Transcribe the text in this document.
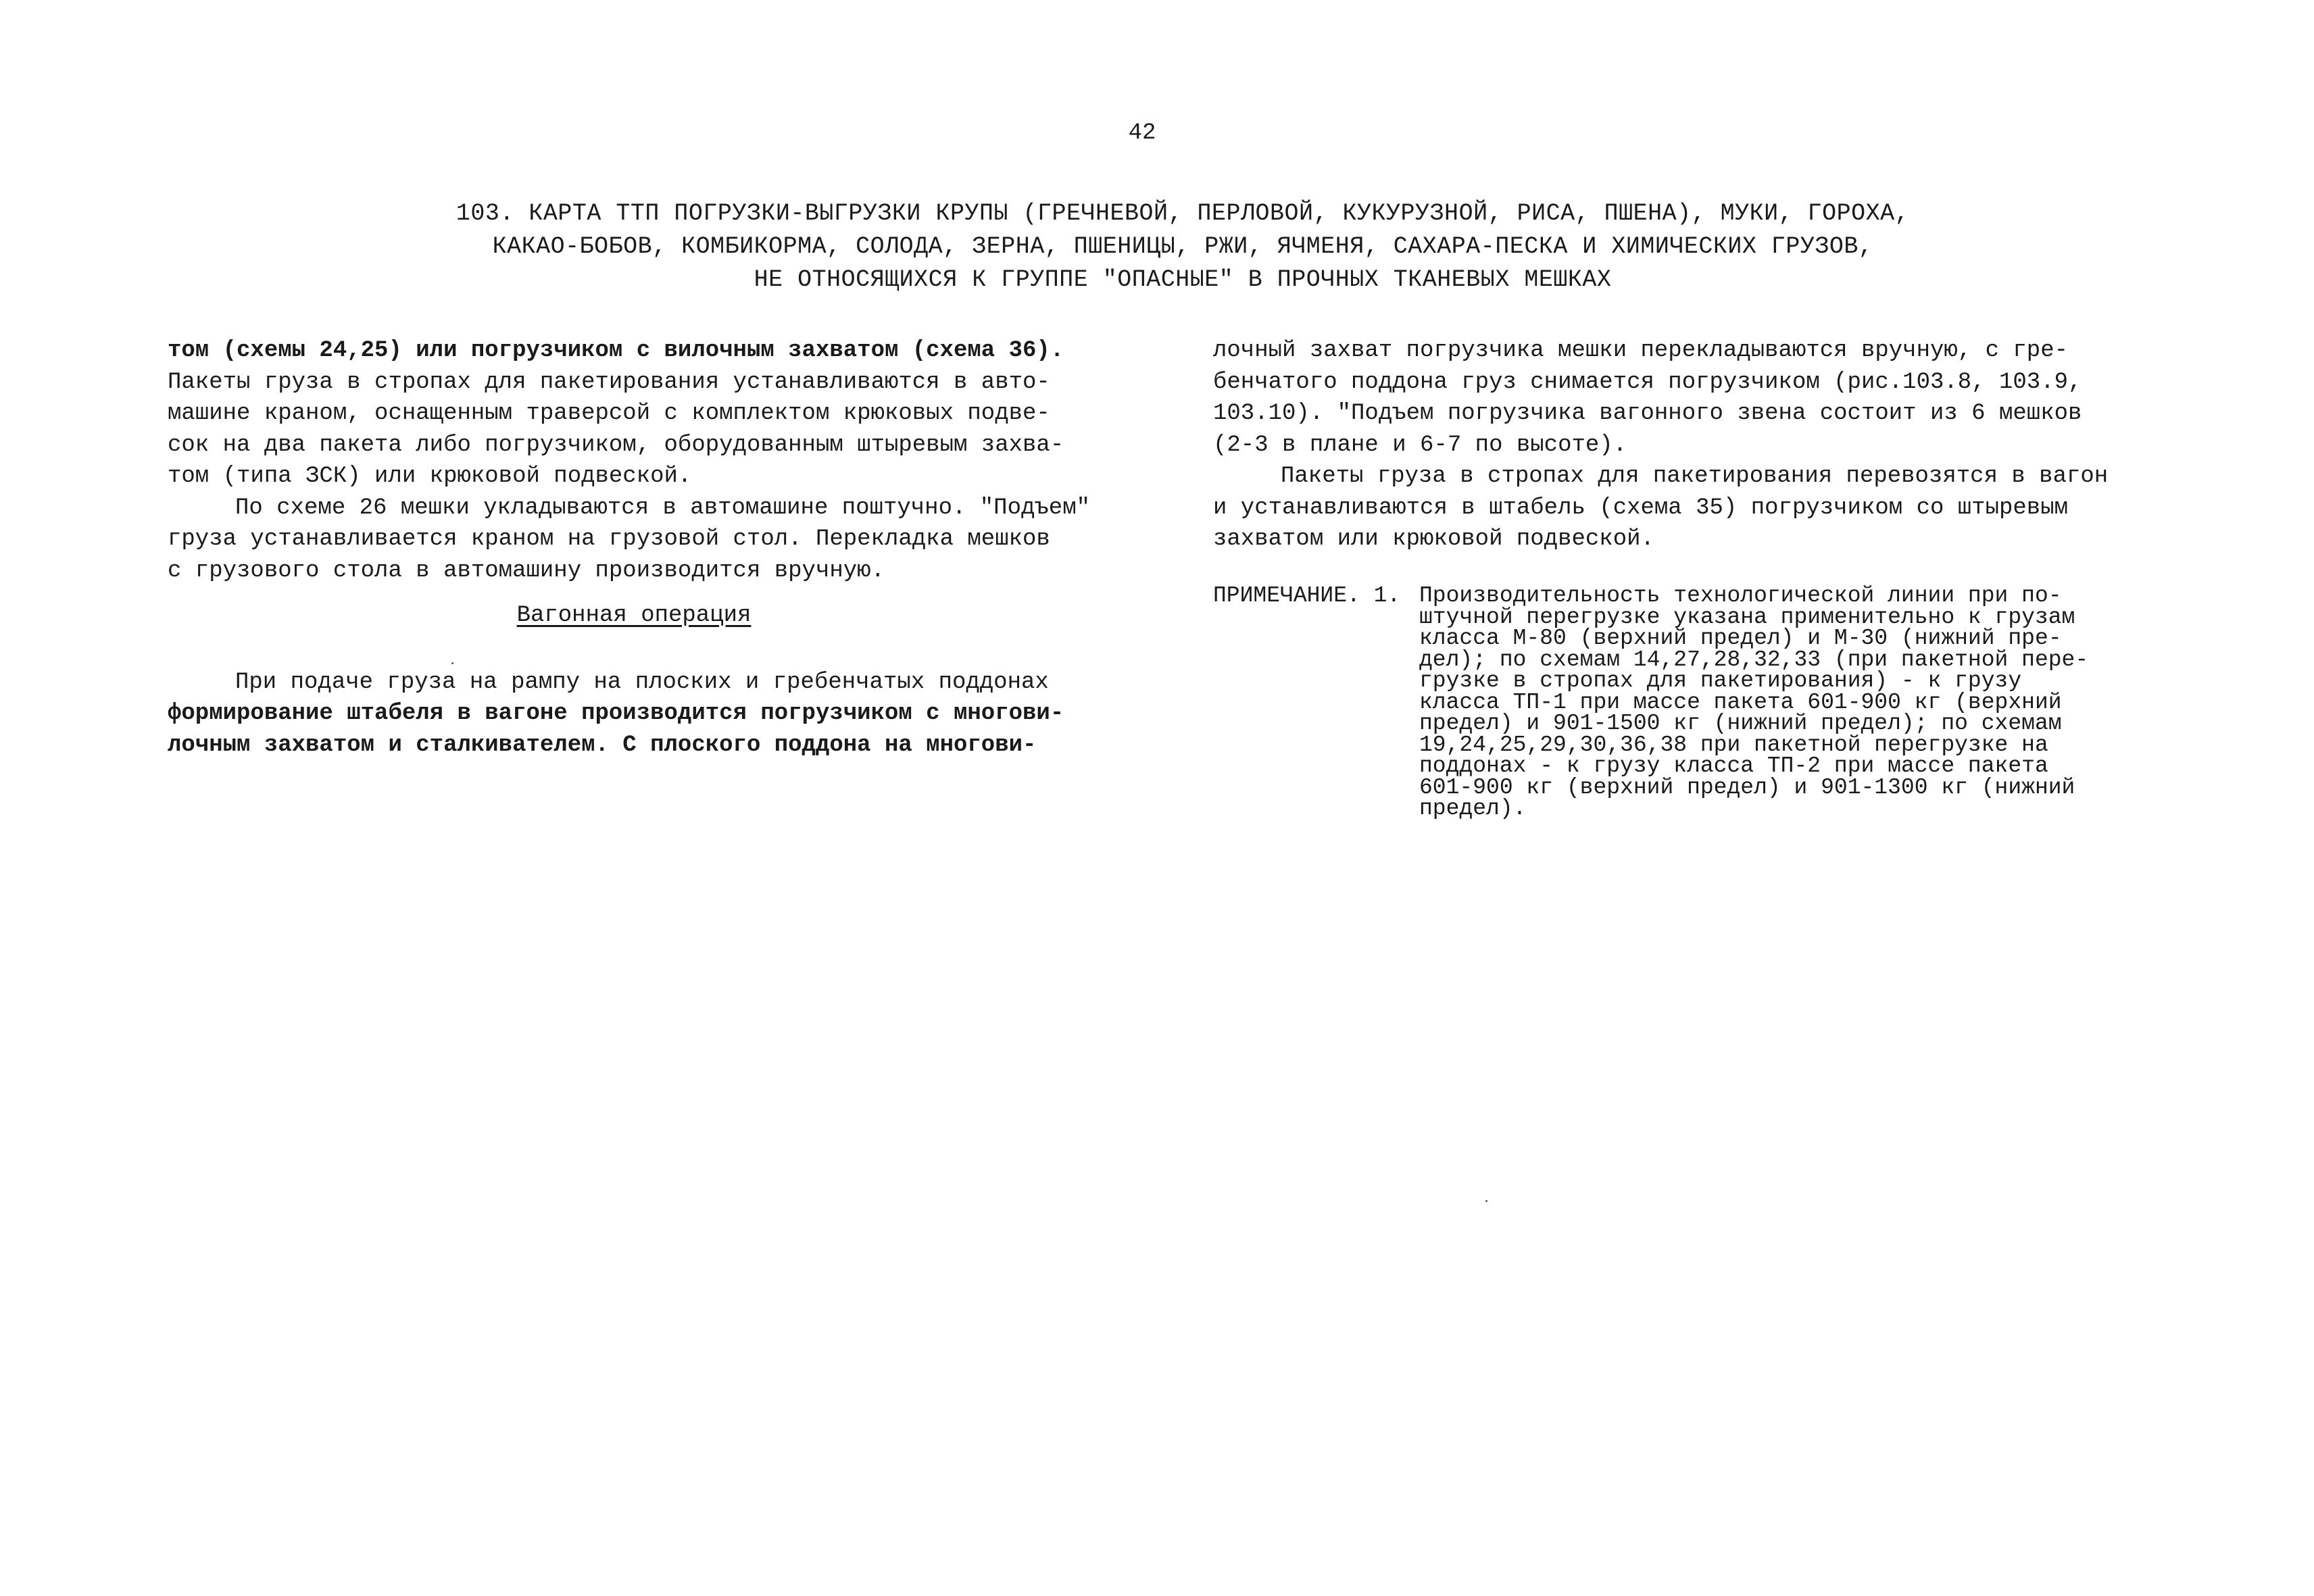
42
103. КАРТА ТТП ПОГРУЗКИ-ВЫГРУЗКИ КРУПЫ (ГРЕЧНЕВОЙ, ПЕРЛОВОЙ, КУКУРУЗНОЙ, РИСА, ПШЕНА), МУКИ, ГОРОХА,
КАКАО-БОБОВ, КОМБИКОРМА, СОЛОДА, ЗЕРНА, ПШЕНИЦЫ, РЖИ, ЯЧМЕНЯ, САХАРА-ПЕСКА И ХИМИЧЕСКИХ ГРУЗОВ,
НЕ ОТНОСЯЩИХСЯ К ГРУППЕ "ОПАСНЫЕ" В ПРОЧНЫХ ТКАНЕВЫХ МЕШКАХ
том (схемы 24,25) или погрузчиком с вилочным захватом (схема 36).
Пакеты груза в стропах для пакетирования устанавливаются в авто-
машине краном, оснащенным траверсой с комплектом крюковых подве-
сок на два пакета либо погрузчиком, оборудованным штыревым захва-
том (типа ЗСК) или крюковой подвеской.
По схеме 26 мешки укладываются в автомашине поштучно. "Подъем"
груза устанавливается краном на грузовой стол. Перекладка мешков
с грузового стола в автомашину производится вручную.
Вагонная операция
При подаче груза на рампу на плоских и гребенчатых поддонах
формирование штабеля в вагоне производится погрузчиком с многови-
лочным захватом и сталкивателем. С плоского поддона на многови-
лочный захват погрузчика мешки перекладываются вручную, с гре-
бенчатого поддона груз снимается погрузчиком (рис.103.8, 103.9,
103.10). "Подъем погрузчика вагонного звена состоит из 6 мешков
(2-3 в плане и 6-7 по высоте).
Пакеты груза в стропах для пакетирования перевозятся в вагон
и устанавливаются в штабель (схема 35) погрузчиком со штыревым
захватом или крюковой подвеской.
ПРИМЕЧАНИЕ. 1. Производительность технологической линии при по-
штучной перегрузке указана применительно к грузам
класса М-80 (верхний предел) и М-30 (нижний пре-
дел); по схемам 14,27,28,32,33 (при пакетной пере-
грузке в стропах для пакетирования) - к грузу
класса ТП-1 при массе пакета 601-900 кг (верхний
предел) и 901-1500 кг (нижний предел); по схемам
19,24,25,29,30,36,38 при пакетной перегрузке на
поддонах - к грузу класса ТП-2 при массе пакета
601-900 кг (верхний предел) и 901-1300 кг (нижний
предел).
